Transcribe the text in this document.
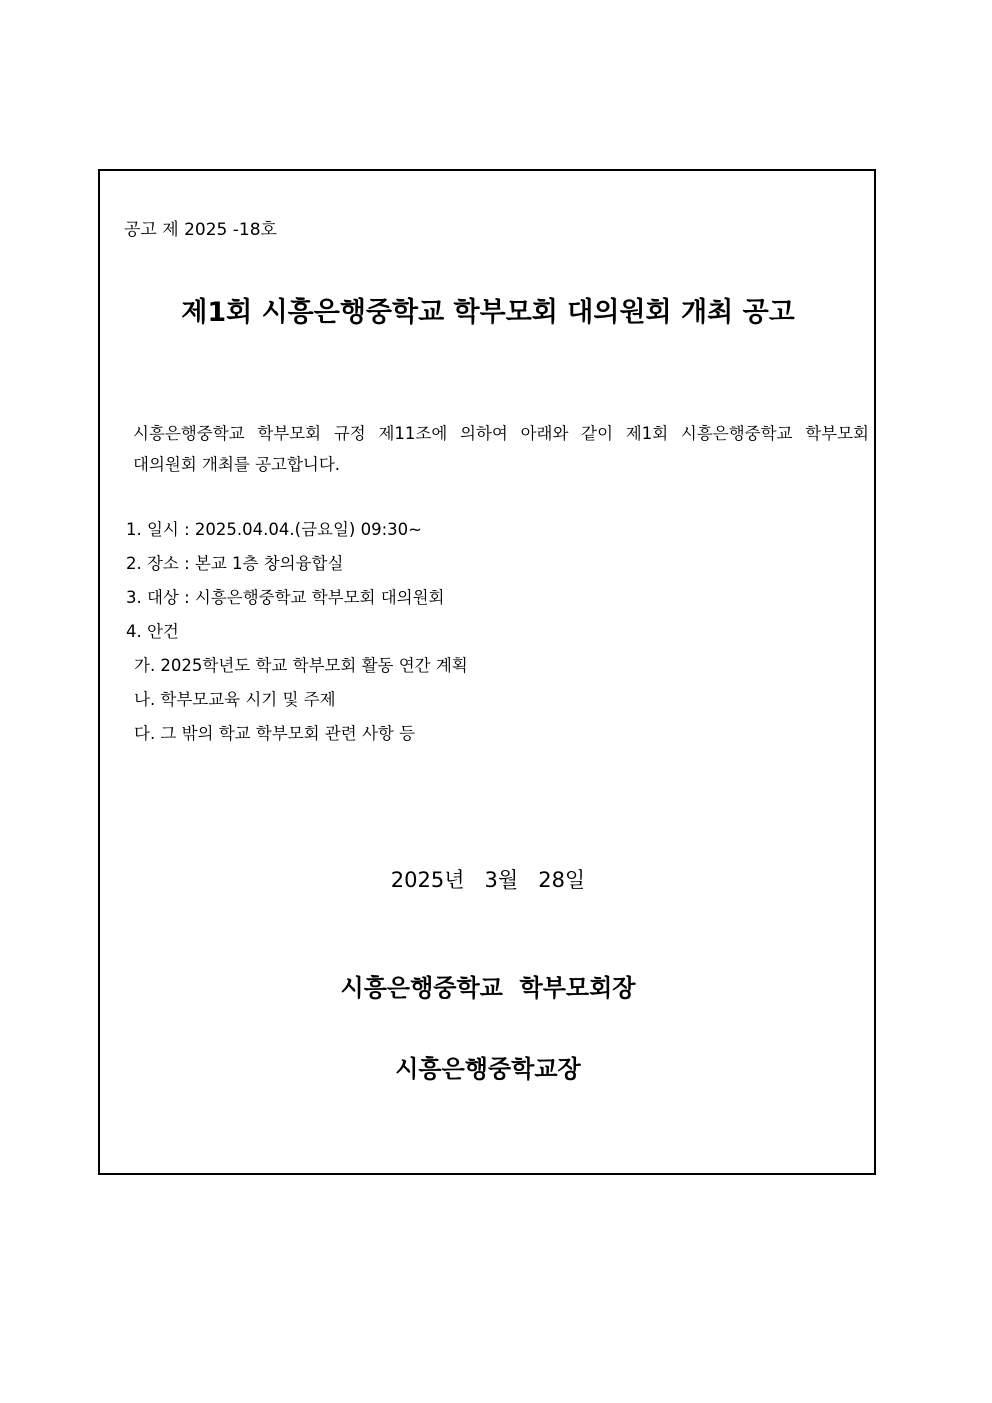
공고 제 2025 -18호
제1회 시흥은행중학교 학부모회 대의원회 개최 공고
시흥은행중학교 학부모회 규정 제11조에 의하여 아래와 같이 제1회 시흥은행중학교 학부모회
대의원회 개최를 공고합니다.
1. 일시 : 2025.04.04.(금요일) 09:30~
2. 장소 : 본교 1층 창의융합실
3. 대상 : 시흥은행중학교 학부모회 대의원회
4. 안건
가. 2025학년도 학교 학부모회 활동 연간 계획
나. 학부모교육 시기 및 주제
다. 그 밖의 학교 학부모회 관련 사항 등
2025년   3월   28일
시흥은행중학교  학부모회장
시흥은행중학교장
